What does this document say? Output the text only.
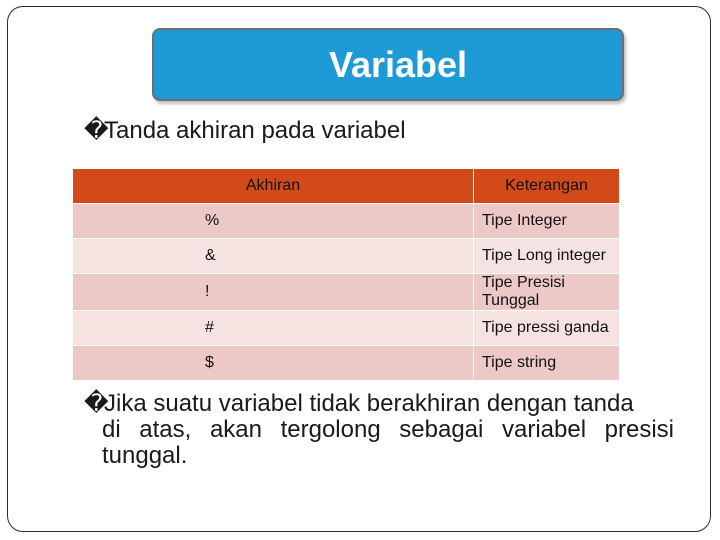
Variabel
�Tanda akhiran pada variabel
Akhiran	Keterangan
%	Tipe Integer
&	Tipe Long integer
!	Tipe Presisi Tunggal
#	Tipe pressi ganda
$	Tipe string
�Jika suatu variabel tidak berakhiran dengan tanda
di atas, akan tergolong sebagai variabel presisi
tunggal.
